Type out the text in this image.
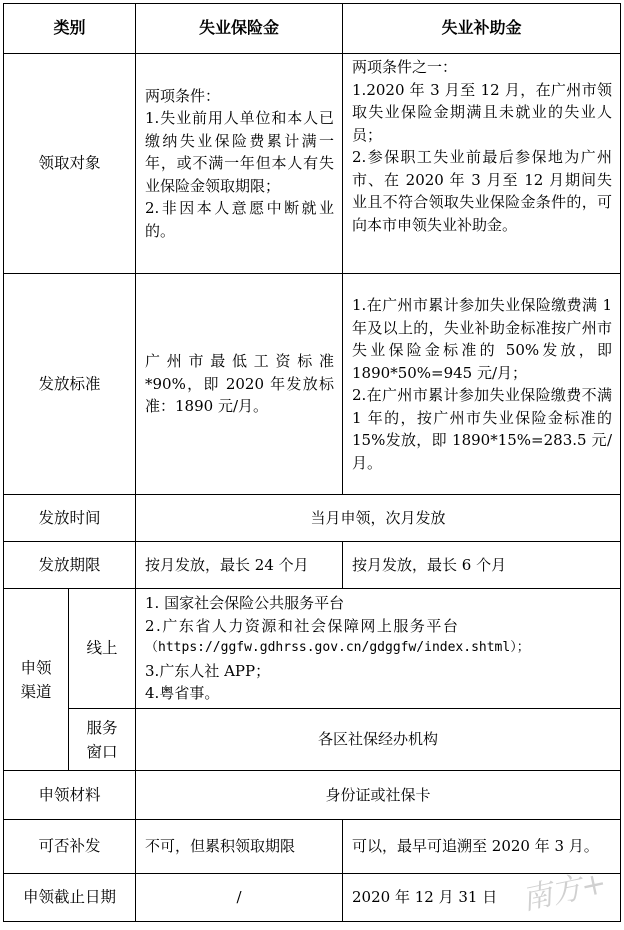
类别		失业保险金	失业补助金
领取对象		两项条件：
1.失业前用人单位和本人已缴纳失业保险费累计满一年，或不满一年但本人有失业保险金领取期限；
2.非因本人意愿中断就业的。	两项条件之一：
1.2020 年 3 月至 12 月，在广州市领取失业保险金期满且未就业的失业人员；
2.参保职工失业前最后参保地为广州市、在 2020 年 3 月至 12 月期间失业且不符合领取失业保险金条件的，可向本市申领失业补助金。

发放标准		广州市最低工资标准*90%，即 2020 年发放标准：1890 元/月。	1.在广州市累计参加失业保险缴费满 1 年及以上的，失业补助金标准按广州市失业保险金标准的 50%发放，即 1890*50%=945 元/月；
2.在广州市累计参加失业保险缴费不满 1 年的，按广州市失业保险金标准的 15%发放，即 1890*15%=283.5 元/月。

发放时间		当月申领，次月发放	
发放期限		按月发放，最长 24 个月	按月发放，最长 6 个月
申领渠道	线上	1. 国家社会保险公共服务平台
2.广东省人力资源和社会保障网上服务平台
（https://ggfw.gdhrss.gov.cn/gdggfw/index.shtml）；
3.广东人社 APP；
4.粤省事。	

	服务窗口	各区社保经办机构	
申领材料		身份证或社保卡	
可否补发		不可，但累积领取期限	可以，最早可追溯至 2020 年 3 月。
申领截止日期		/	2020 年 12 月 31 日 南方+
